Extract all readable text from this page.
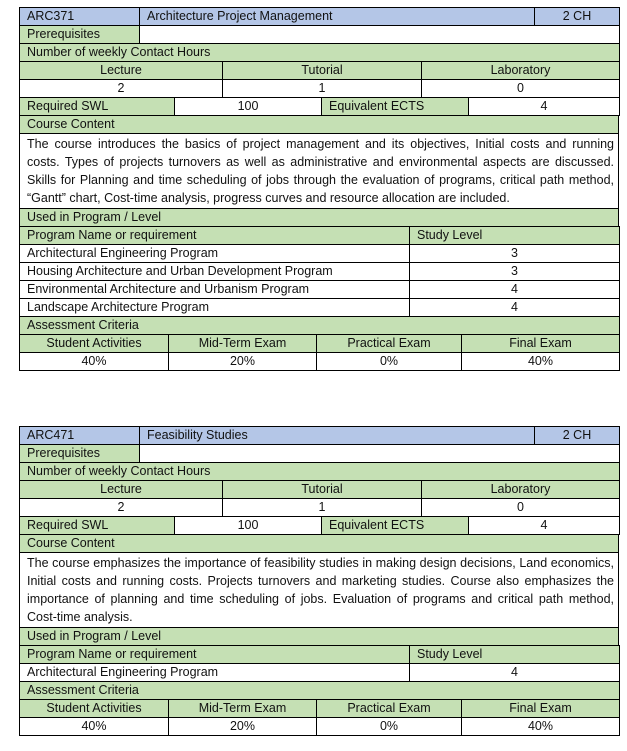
ARC371	Architecture Project Management	2 CH
Prerequisites		
Number of weekly Contact Hours		
Lecture	Tutorial	Laboratory
2	1	0
Required SWL	100	Equivalent ECTS	4
Course Content
The course introduces the basics of project management and its objectives, Initial costs and running costs. Types of projects turnovers as well as administrative and environmental aspects are discussed. Skills for Planning and time scheduling of jobs through the evaluation of programs, critical path method, “Gantt” chart, Cost-time analysis, progress curves and resource allocation are included.
Used in Program / Level
Program Name or requirement	Study Level
Architectural Engineering Program	3
Housing Architecture and Urban Development Program	3
Environmental Architecture and Urbanism Program	4
Landscape Architecture Program	4
Assessment Criteria	
Student Activities	Mid-Term Exam	Practical Exam	Final Exam
40%	20%	0%	40%
ARC471	Feasibility Studies	2 CH
Prerequisites		
Number of weekly Contact Hours		
Lecture	Tutorial	Laboratory
2	1	0
Required SWL	100	Equivalent ECTS	4
Course Content
The course emphasizes the importance of feasibility studies in making design decisions, Land economics, Initial costs and running costs. Projects turnovers and marketing studies. Course also emphasizes the importance of planning and time scheduling of jobs. Evaluation of programs and critical path method, Cost-time analysis.
Used in Program / Level
Program Name or requirement	Study Level
Architectural Engineering Program	4
Assessment Criteria	
Student Activities	Mid-Term Exam	Practical Exam	Final Exam
40%	20%	0%	40%
